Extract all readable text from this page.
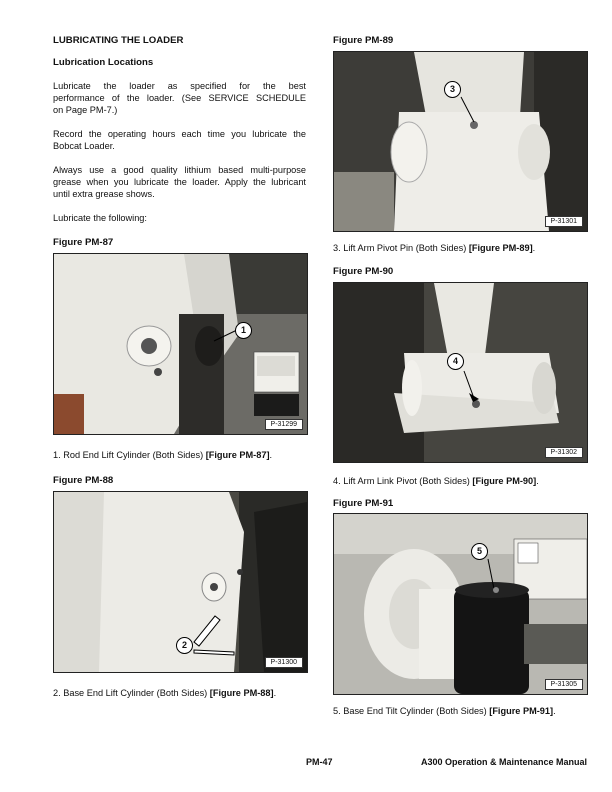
LUBRICATING THE LOADER
Lubrication Locations
Lubricate the loader as specified for the best
performance of the loader. (See SERVICE SCHEDULE
on Page PM-7.)
Record the operating hours each time you lubricate the
Bobcat Loader.
Always use a good quality lithium based multi-purpose
grease when you lubricate the loader. Apply the lubricant
until extra grease shows.
Lubricate the following:
Figure PM-87
1
P-31299
1. Rod End Lift Cylinder (Both Sides) [Figure PM-87].
Figure PM-88
2
P-31300
2. Base End Lift Cylinder (Both Sides) [Figure PM-88].
Figure PM-89
3
P-31301
3. Lift Arm Pivot Pin (Both Sides) [Figure PM-89].
Figure PM-90
4
P-31302
4. Lift Arm Link Pivot (Both Sides) [Figure PM-90].
Figure PM-91
5
P-31305
5. Base End Tilt Cylinder (Both Sides) [Figure PM-91].
PM-47	A300 Operation & Maintenance Manual
